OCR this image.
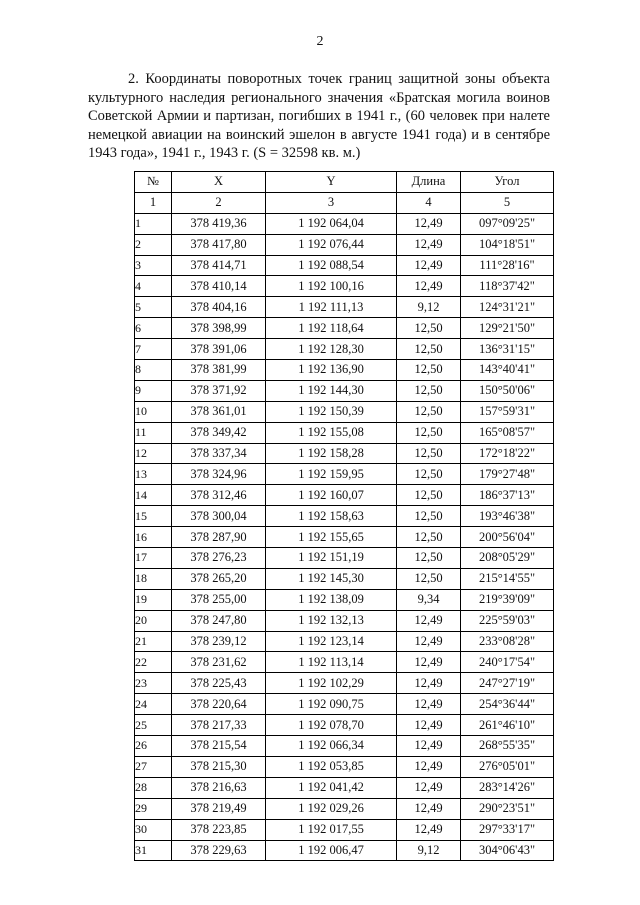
2

2. Координаты поворотных точек границ защитной зоны объекта культурного наследия регионального значения «Братская могила воинов Советской Армии и партизан, погибших в 1941 г., (60 человек при налете немецкой авиации на воинский эшелон в августе 1941 года) и в сентябре 1943 года», 1941 г., 1943 г. (S = 32598 кв. м.)

№	X	Y	Длина	Угол
1	2	3	4	5
1	378 419,36	1 192 064,04	12,49	097°09'25"
2	378 417,80	1 192 076,44	12,49	104°18'51"
3	378 414,71	1 192 088,54	12,49	111°28'16"
4	378 410,14	1 192 100,16	12,49	118°37'42"
5	378 404,16	1 192 111,13	9,12	124°31'21"
6	378 398,99	1 192 118,64	12,50	129°21'50"
7	378 391,06	1 192 128,30	12,50	136°31'15"
8	378 381,99	1 192 136,90	12,50	143°40'41"
9	378 371,92	1 192 144,30	12,50	150°50'06"
10	378 361,01	1 192 150,39	12,50	157°59'31"
11	378 349,42	1 192 155,08	12,50	165°08'57"
12	378 337,34	1 192 158,28	12,50	172°18'22"
13	378 324,96	1 192 159,95	12,50	179°27'48"
14	378 312,46	1 192 160,07	12,50	186°37'13"
15	378 300,04	1 192 158,63	12,50	193°46'38"
16	378 287,90	1 192 155,65	12,50	200°56'04"
17	378 276,23	1 192 151,19	12,50	208°05'29"
18	378 265,20	1 192 145,30	12,50	215°14'55"
19	378 255,00	1 192 138,09	9,34	219°39'09"
20	378 247,80	1 192 132,13	12,49	225°59'03"
21	378 239,12	1 192 123,14	12,49	233°08'28"
22	378 231,62	1 192 113,14	12,49	240°17'54"
23	378 225,43	1 192 102,29	12,49	247°27'19"
24	378 220,64	1 192 090,75	12,49	254°36'44"
25	378 217,33	1 192 078,70	12,49	261°46'10"
26	378 215,54	1 192 066,34	12,49	268°55'35"
27	378 215,30	1 192 053,85	12,49	276°05'01"
28	378 216,63	1 192 041,42	12,49	283°14'26"
29	378 219,49	1 192 029,26	12,49	290°23'51"
30	378 223,85	1 192 017,55	12,49	297°33'17"
31	378 229,63	1 192 006,47	9,12	304°06'43"
